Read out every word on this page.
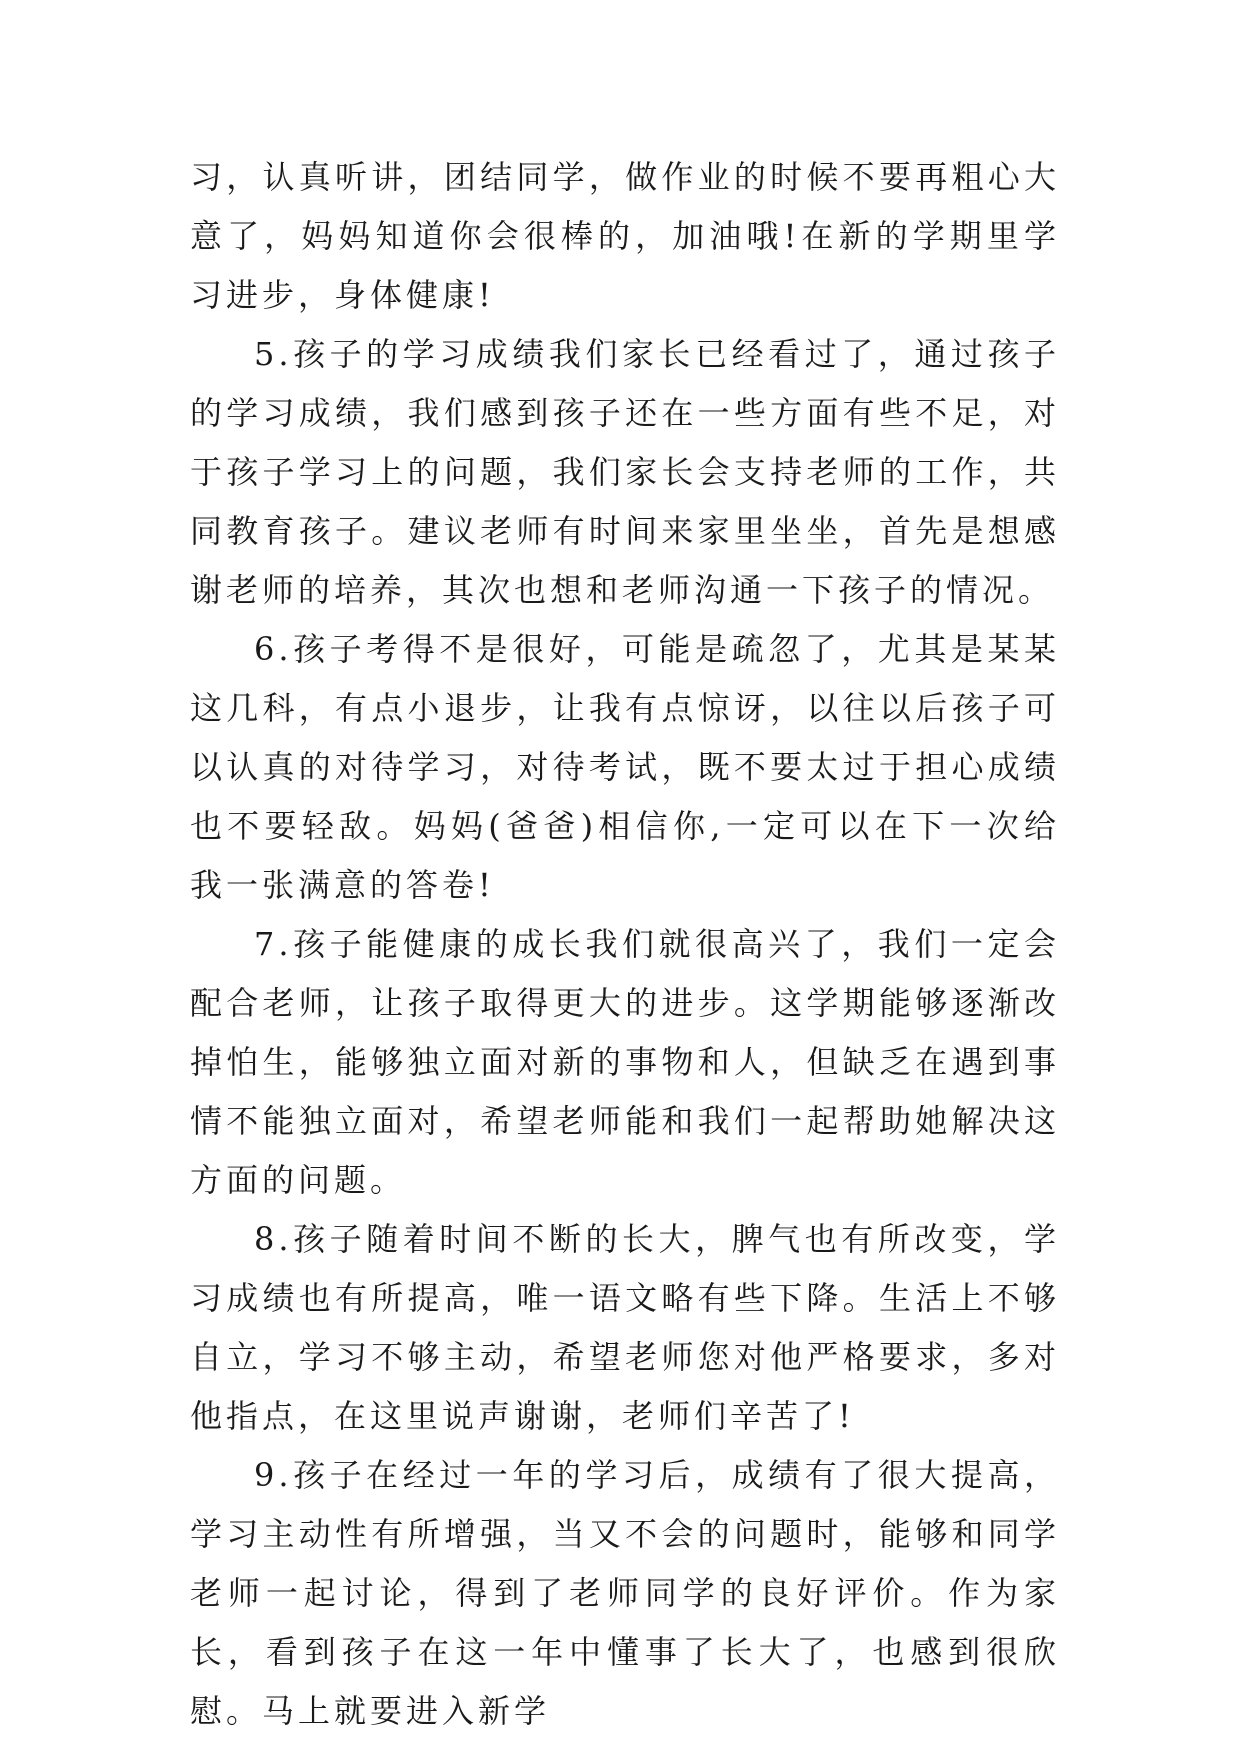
习，认真听讲，团结同学，做作业的时候不要再粗心大意了，妈妈知道你会很棒的，加油哦!在新的学期里学习进步，身体健康!

5.孩子的学习成绩我们家长已经看过了，通过孩子的学习成绩，我们感到孩子还在一些方面有些不足，对于孩子学习上的问题，我们家长会支持老师的工作，共同教育孩子。建议老师有时间来家里坐坐，首先是想感谢老师的培养，其次也想和老师沟通一下孩子的情况。

6.孩子考得不是很好，可能是疏忽了，尤其是某某这几科，有点小退步，让我有点惊讶，以往以后孩子可以认真的对待学习，对待考试，既不要太过于担心成绩也不要轻敌。妈妈(爸爸)相信你,一定可以在下一次给我一张满意的答卷!

7.孩子能健康的成长我们就很高兴了，我们一定会配合老师，让孩子取得更大的进步。这学期能够逐渐改掉怕生，能够独立面对新的事物和人，但缺乏在遇到事情不能独立面对，希望老师能和我们一起帮助她解决这方面的问题。

8.孩子随着时间不断的长大，脾气也有所改变，学习成绩也有所提高，唯一语文略有些下降。生活上不够自立，学习不够主动，希望老师您对他严格要求，多对他指点，在这里说声谢谢，老师们辛苦了!

9.孩子在经过一年的学习后，成绩有了很大提高，学习主动性有所增强，当又不会的问题时，能够和同学老师一起讨论，得到了老师同学的良好评价。作为家长，看到孩子在这一年中懂事了长大了，也感到很欣慰。马上就要进入新学
